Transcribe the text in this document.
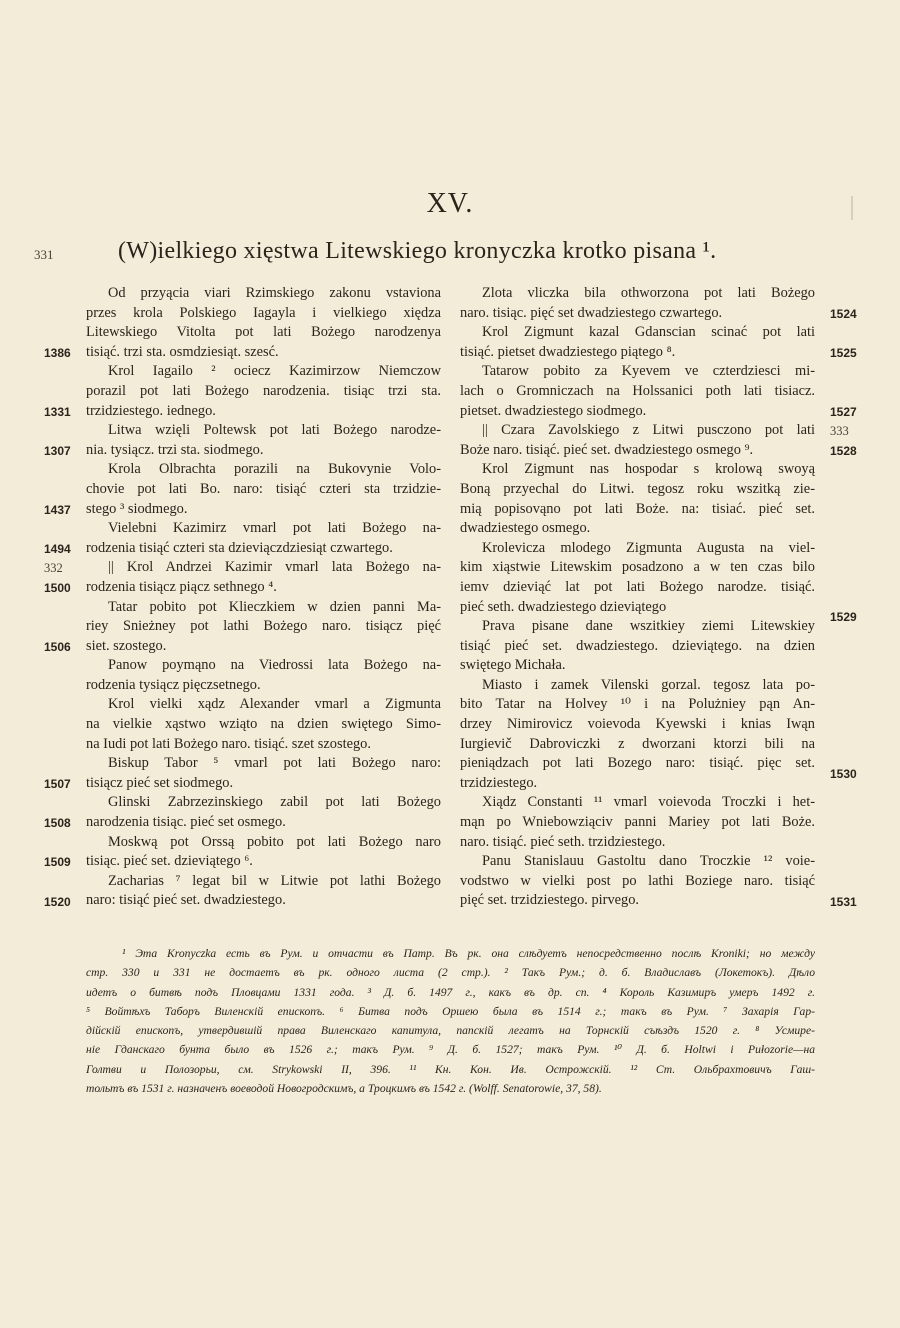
XV.
331	(W)ielkiego xięstwa Litewskiego kronyczka krotko pisana ¹.
Od przyącia viari Rzimskiego zakonu vstaviona
przes krola Polskiego Iagayla i vielkiego xiędza
Litewskiego Vitolta pot lati Bożego narodzenya
tisiąć. trzi sta. osmdziesiąt. szesć.
Krol Iagailo ² ociecz Kazimirzow Niemczow
porazil pot lati Bożego narodzenia. tisiąc trzi sta.
trzidziestego. iednego.
Litwa wzięli Poltewsk pot lati Bożego narodze-
nia. tysiącz. trzi sta. siodmego.
Krola Olbrachta porazili na Bukovynie Volo-
chovie pot lati Bo. naro: tisiąć czteri sta trzidzie-
stego ³ siodmego.
Vielebni Kazimirz vmarl pot lati Bożego na-
rodzenia tisiąć czteri sta dzieviączdziesiąt czwartego.
|| Krol Andrzei Kazimir vmarl lata Bożego na-
rodzenia tisiącz piącz sethnego ⁴.
Tatar pobito pot Klieczkiem w dzien panni Ma-
riey Snieżney pot lathi Bożego naro. tisiącz pięć
siet. szostego.
Panow poymąno na Viedrossi lata Bożego na-
rodzenia tysiącz pięczsetnego.
Krol vielki xądz Alexander vmarl a Zigmunta
na vielkie xąstwo wziąto na dzien swiętego Simo-
na Iudi pot lati Bożego naro. tisiąć. szet szostego.
Biskup Tabor ⁵ vmarl pot lati Bożego naro:
tisiącz pieć set siodmego.
Glinski Zabrzezinskiego zabil pot lati Bożego
narodzenia tisiąc. pieć set osmego.
Moskwą pot Orssą pobito pot lati Bożego naro
tisiąc. pieć set. dzieviątego ⁶.
Zacharias ⁷ legat bil w Litwie pot lathi Bożego
naro: tisiąć pieć set. dwadziestego.
Zlota vliczka bila othworzona pot lati Bożego
naro. tisiąc. pięć set dwadziestego czwartego.
Krol Zigmunt kazal Gdanscian scinać pot lati
tisiąć. pietset dwadziestego piątego ⁸.
Tatarow pobito za Kyevem ve czterdziesci mi-
lach o Gromniczach na Holssanici poth lati tisiacz.
pietset. dwadziestego siodmego.
|| Czara Zavolskiego z Litwi pusczono pot lati
Boże naro. tisiąć. pieć set. dwadziestego osmego ⁹.
Krol Zigmunt nas hospodar s krolową swoyą
Boną przyechal do Litwi. tegosz roku wszitką zie-
mią popisovąno pot lati Boże. na: tisiać. pieć set.
dwadziestego osmego.
Krolevicza mlodego Zigmunta Augusta na viel-
kim xiąstwie Litewskim posadzono a w ten czas bilo
iemv dzieviąć lat pot lati Bożego narodze. tisiąć.
pieć seth. dwadziestego dzieviątego
Prava pisane dane wszitkiey ziemi Litewskiey
tisiąć pieć set. dwadziestego. dzieviątego. na dzien
swiętego Michała.
Miasto i zamek Vilenski gorzal. tegosz lata po-
bito Tatar na Holvey ¹⁰ i na Polużniey pąn An-
drzey Nimirovicz voievoda Kyewski i knias Iwąn
Iurgievič Dabroviczki z dworzani ktorzi bili na
pieniądzach pot lati Bozego naro: tisiąć. pięc set.
trzidziestego.
Xiądz Constanti ¹¹ vmarl voievoda Troczki i het-
mąn po Wniebowziąciv panni Mariey pot lati Boże.
naro. tisiąć. pieć seth. trzidziestego.
Panu Stanislauu Gastoltu dano Troczkie ¹² voie-
vodstwo w vielki post po lathi Boziege naro. tisiąć
pięć set. trzidziestego. pirvego.
1386
1331
1307
1437
1494
332
1500
1506
1507
1508
1509
1520
1524
1525
1527
333
1528
1529
1530
1531
¹ Эта Kronyczka есть въ Рум. и отчасти въ Патр. Въ рк. она слѣдуетъ непосредственно послѣ Kroniki; но между
стр. 330 и 331 не достаетъ въ рк. одного листа (2 стр.). ² Такъ Рум.; д. б. Владиславъ (Локетокъ). Дѣло
идетъ о битвѣ подъ Пловцами 1331 года. ³ Д. б. 1497 г., какъ въ др. сп. ⁴ Король Казимиръ умеръ 1492 г.
⁵ Войтѣхъ Таборъ Виленскій епископъ. ⁶ Битва подъ Оршею была въ 1514 г.; такъ въ Рум. ⁷ Захарія Гар-
дійскій епископъ, утвердившій права Виленскаго капитула, папскій легатъ на Торнскій съѣздъ 1520 г. ⁸ Усмире-
ніе Гданскаго бунта было въ 1526 г.; такъ Рум. ⁹ Д. б. 1527; такъ Рум. ¹⁰ Д. б. Holtwi i Pułozorie—на
Голтви и Полозорьи, см. Strykowski II, 396. ¹¹ Кн. Кон. Ив. Острожскій. ¹² Ст. Ольбрахтовичъ Гаш-
тольтъ въ 1531 г. назначенъ воеводой Новогродскимъ, а Троцкимъ въ 1542 г. (Wolff. Senatorowie, 37, 58).
